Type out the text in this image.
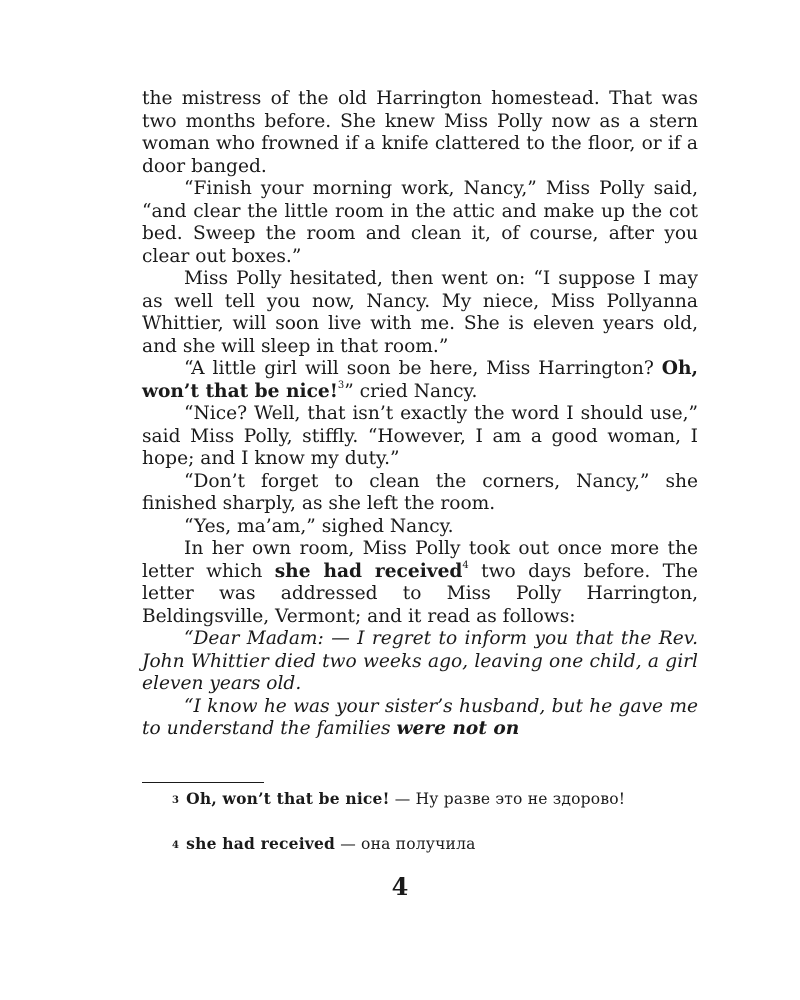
the mistress of the old Harrington homestead. That was two months before. She knew Miss Polly now as a stern woman who frowned if a knife clattered to the floor, or if a door banged.

“Finish your morning work, Nancy,” Miss Polly said, “and clear the little room in the attic and make up the cot bed. Sweep the room and clean it, of course, after you clear out boxes.”

Miss Polly hesitated, then went on: “I suppose I may as well tell you now, Nancy. My niece, Miss Pollyanna Whittier, will soon live with me. She is eleven years old, and she will sleep in that room.”

“A little girl will soon be here, Miss Harrington? Oh, won’t that be nice!$^3$” cried Nancy.

“Nice? Well, that isn’t exactly the word I should use,” said Miss Polly, stiffly. “However, I am a good woman, I hope; and I know my duty.”

“Don’t forget to clean the corners, Nancy,” she finished sharply, as she left the room.

“Yes, ma’am,” sighed Nancy.

In her own room, Miss Polly took out once more the letter which she had received$^4$ two days before. The letter was addressed to Miss Polly Harrington, Beldingsville, Vermont; and it read as follows:

“Dear Madam: — I regret to inform you that the Rev. John Whittier died two weeks ago, leaving one child, a girl eleven years old.

“I know he was your sister’s husband, but he gave me to understand the families were not on

$^3$ Oh, won’t that be nice! — Ну разве это не здорово!
$^4$ she had received — она получила
4
